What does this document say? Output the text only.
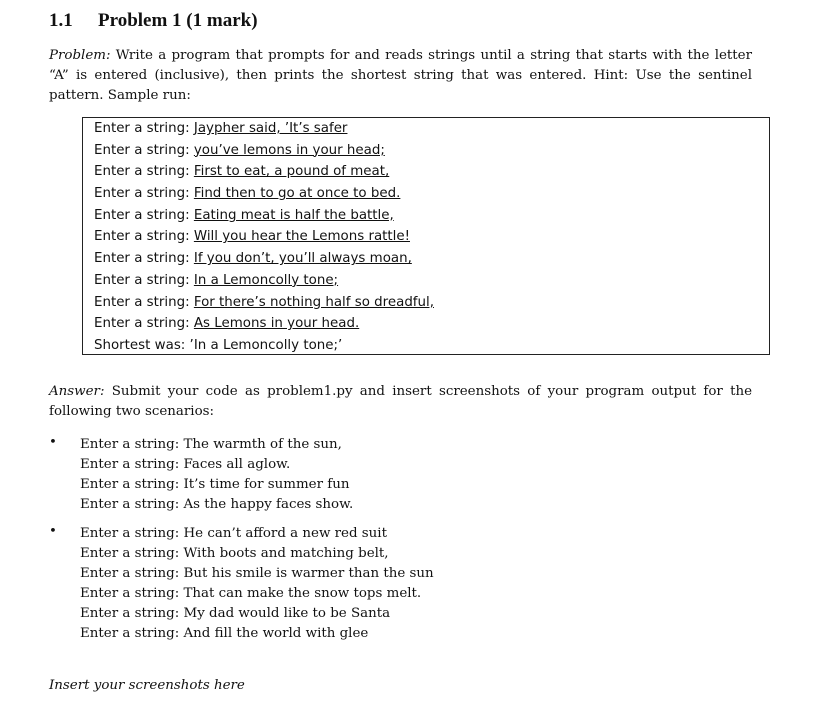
1.1 Problem 1 (1 mark)

Problem: Write a program that prompts for and reads strings until a string that starts with the letter “A” is entered (inclusive), then prints the shortest string that was entered. Hint: Use the sentinel pattern. Sample run:

Enter a string: Jaypher said, ’It’s safer
Enter a string: you’ve lemons in your head;
Enter a string: First to eat, a pound of meat,
Enter a string: Find then to go at once to bed.
Enter a string: Eating meat is half the battle,
Enter a string: Will you hear the Lemons rattle!
Enter a string: If you don’t, you’ll always moan,
Enter a string: In a Lemoncolly tone;
Enter a string: For there’s nothing half so dreadful,
Enter a string: As Lemons in your head.
Shortest was: ’In a Lemoncolly tone;’

Answer: Submit your code as problem1.py and insert screenshots of your program output for the following two scenarios:

• Enter a string: The warmth of the sun,
Enter a string: Faces all aglow.
Enter a string: It’s time for summer fun
Enter a string: As the happy faces show.
• Enter a string: He can’t afford a new red suit
Enter a string: With boots and matching belt,
Enter a string: But his smile is warmer than the sun
Enter a string: That can make the snow tops melt.
Enter a string: My dad would like to be Santa
Enter a string: And fill the world with glee
Insert your screenshots here
